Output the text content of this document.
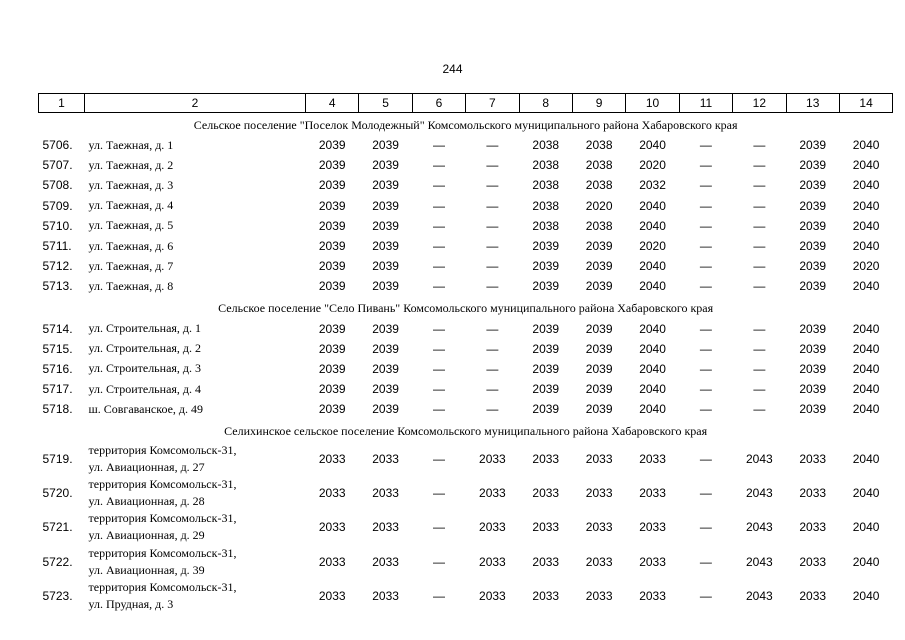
244
1	2	4	5	6	7	8	9	10	11	12	13	14
Сельское поселение "Поселок Молодежный" Комсомольского муниципального района Хабаровского края												
5706.	ул. Таежная, д. 1	2039	2039	—	—	2038	2038	2040	—	—	2039	2040
5707.	ул. Таежная, д. 2	2039	2039	—	—	2038	2038	2020	—	—	2039	2040
5708.	ул. Таежная, д. 3	2039	2039	—	—	2038	2038	2032	—	—	2039	2040
5709.	ул. Таежная, д. 4	2039	2039	—	—	2038	2020	2040	—	—	2039	2040
5710.	ул. Таежная, д. 5	2039	2039	—	—	2038	2038	2040	—	—	2039	2040
5711.	ул. Таежная, д. 6	2039	2039	—	—	2039	2039	2020	—	—	2039	2040
5712.	ул. Таежная, д. 7	2039	2039	—	—	2039	2039	2040	—	—	2039	2020
5713.	ул. Таежная, д. 8	2039	2039	—	—	2039	2039	2040	—	—	2039	2040
Сельское поселение "Село Пивань" Комсомольского муниципального района Хабаровского края												
5714.	ул. Строительная, д. 1	2039	2039	—	—	2039	2039	2040	—	—	2039	2040
5715.	ул. Строительная, д. 2	2039	2039	—	—	2039	2039	2040	—	—	2039	2040
5716.	ул. Строительная, д. 3	2039	2039	—	—	2039	2039	2040	—	—	2039	2040
5717.	ул. Строительная, д. 4	2039	2039	—	—	2039	2039	2040	—	—	2039	2040
5718.	ш. Совгаванское, д. 49	2039	2039	—	—	2039	2039	2040	—	—	2039	2040
Селихинское сельское поселение Комсомольского муниципального района Хабаровского края												
5719.	территория Комсомольск-31,
ул. Авиационная, д. 27	2033	2033	—	2033	2033	2033	2033	—	2043	2033	2040
5720.	территория Комсомольск-31,
ул. Авиационная, д. 28	2033	2033	—	2033	2033	2033	2033	—	2043	2033	2040
5721.	территория Комсомольск-31,
ул. Авиационная, д. 29	2033	2033	—	2033	2033	2033	2033	—	2043	2033	2040
5722.	территория Комсомольск-31,
ул. Авиационная, д. 39	2033	2033	—	2033	2033	2033	2033	—	2043	2033	2040
5723.	территория Комсомольск-31,
ул. Прудная, д. 3	2033	2033	—	2033	2033	2033	2033	—	2043	2033	2040
